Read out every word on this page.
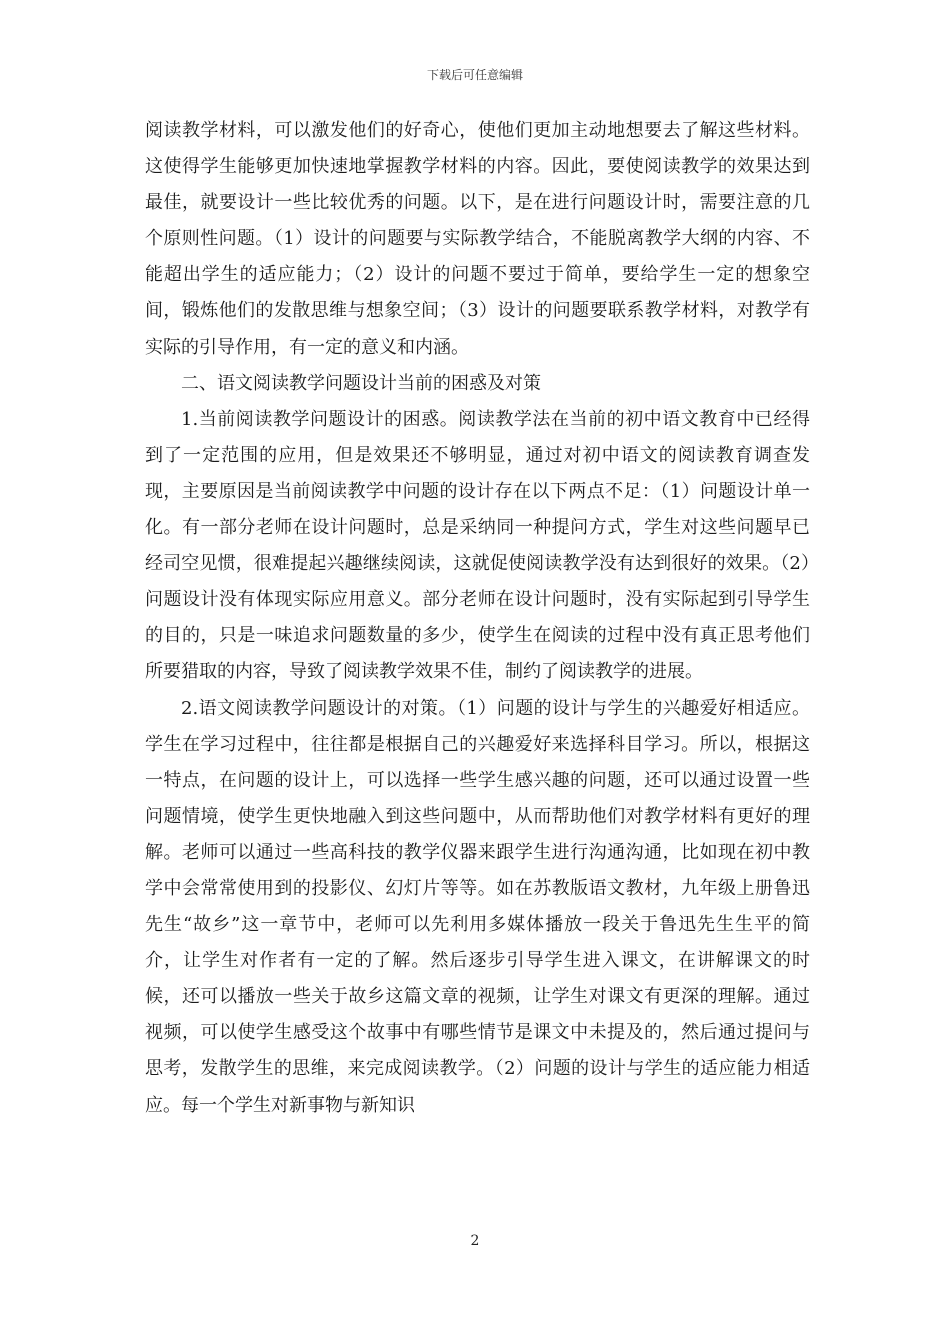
下载后可任意编辑

阅读教学材料，可以激发他们的好奇心，使他们更加主动地想要去了解这些材料。这使得学生能够更加快速地掌握教学材料的内容。因此，要使阅读教学的效果达到最佳，就要设计一些比较优秀的问题。以下，是在进行问题设计时，需要注意的几个原则性问题。（1）设计的问题要与实际教学结合，不能脱离教学大纲的内容、不能超出学生的适应能力；（2）设计的问题不要过于简单，要给学生一定的想象空间，锻炼他们的发散思维与想象空间；（3）设计的问题要联系教学材料，对教学有实际的引导作用，有一定的意义和内涵。

二、语文阅读教学问题设计当前的困惑及对策

1.当前阅读教学问题设计的困惑。阅读教学法在当前的初中语文教育中已经得到了一定范围的应用，但是效果还不够明显，通过对初中语文的阅读教育调查发现，主要原因是当前阅读教学中问题的设计存在以下两点不足：（1）问题设计单一化。有一部分老师在设计问题时，总是采纳同一种提问方式，学生对这些问题早已经司空见惯，很难提起兴趣继续阅读，这就促使阅读教学没有达到很好的效果。（2）问题设计没有体现实际应用意义。部分老师在设计问题时，没有实际起到引导学生的目的，只是一味追求问题数量的多少，使学生在阅读的过程中没有真正思考他们所要猎取的内容，导致了阅读教学效果不佳，制约了阅读教学的进展。

2.语文阅读教学问题设计的对策。（1）问题的设计与学生的兴趣爱好相适应。学生在学习过程中，往往都是根据自己的兴趣爱好来选择科目学习。所以，根据这一特点，在问题的设计上，可以选择一些学生感兴趣的问题，还可以通过设置一些问题情境，使学生更快地融入到这些问题中，从而帮助他们对教学材料有更好的理解。老师可以通过一些高科技的教学仪器来跟学生进行沟通沟通，比如现在初中教学中会常常使用到的投影仪、幻灯片等等。如在苏教版语文教材，九年级上册鲁迅先生“故乡”这一章节中，老师可以先利用多媒体播放一段关于鲁迅先生生平的简介，让学生对作者有一定的了解。然后逐步引导学生进入课文，在讲解课文的时候，还可以播放一些关于故乡这篇文章的视频，让学生对课文有更深的理解。通过视频，可以使学生感受这个故事中有哪些情节是课文中未提及的，然后通过提问与思考，发散学生的思维，来完成阅读教学。（2）问题的设计与学生的适应能力相适应。每一个学生对新事物与新知识

2
